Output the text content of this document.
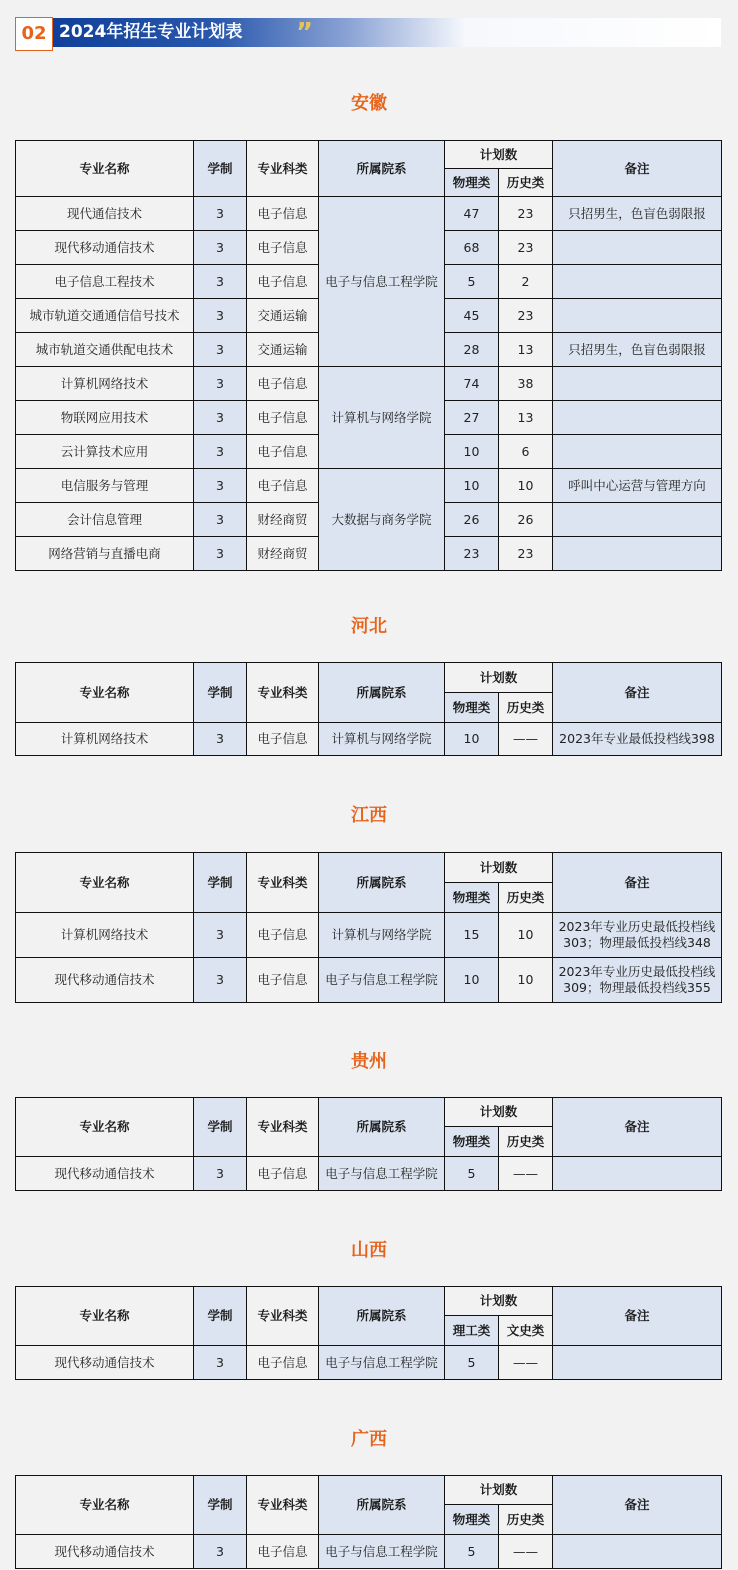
02 2024年招生专业计划表 ”
安徽
专业名称	学制	专业科类	所属院系	计划数		备注
				物理类	历史类	
现代通信技术	3	电子信息	电子与信息工程学院	47	23	只招男生，色盲色弱限报
现代移动通信技术	3	电子信息		68	23	
电子信息工程技术	3	电子信息		5	2	
城市轨道交通通信信号技术	3	交通运输		45	23	
城市轨道交通供配电技术	3	交通运输		28	13	只招男生，色盲色弱限报
计算机网络技术	3	电子信息	计算机与网络学院	74	38	
物联网应用技术	3	电子信息		27	13	
云计算技术应用	3	电子信息		10	6	
电信服务与管理	3	电子信息	大数据与商务学院	10	10	呼叫中心运营与管理方向
会计信息管理	3	财经商贸		26	26	
网络营销与直播电商	3	财经商贸		23	23	
河北
专业名称	学制	专业科类	所属院系	计划数		备注
				物理类	历史类	
计算机网络技术	3	电子信息	计算机与网络学院	10	——	2023年专业最低投档线398
江西
专业名称	学制	专业科类	所属院系	计划数		备注
				物理类	历史类	
计算机网络技术	3	电子信息	计算机与网络学院	15	10	2023年专业历史最低投档线
303；物理最低投档线348

现代移动通信技术	3	电子信息	电子与信息工程学院	10	10	2023年专业历史最低投档线
309；物理最低投档线355
贵州
专业名称	学制	专业科类	所属院系	计划数		备注
				物理类	历史类	
现代移动通信技术	3	电子信息	电子与信息工程学院	5	——	
山西
专业名称	学制	专业科类	所属院系	计划数		备注
				理工类	文史类	
现代移动通信技术	3	电子信息	电子与信息工程学院	5	——	
广西
专业名称	学制	专业科类	所属院系	计划数		备注
				物理类	历史类	
现代移动通信技术	3	电子信息	电子与信息工程学院	5	——	
